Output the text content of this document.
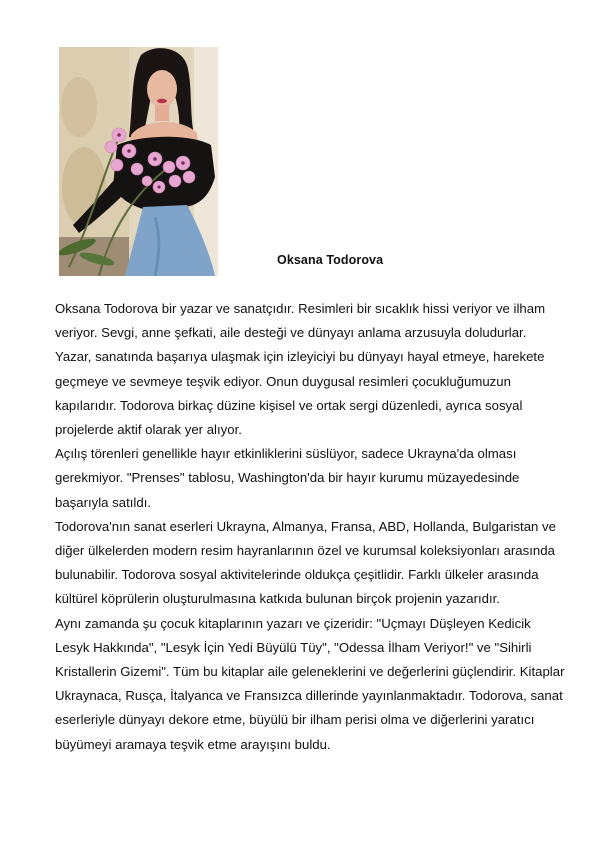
Oksana Todorova

Oksana Todorova bir yazar ve sanatçıdır. Resimleri bir sıcaklık hissi veriyor ve ilham veriyor. Sevgi, anne şefkati, aile desteği ve dünyayı anlama arzusuyla doludurlar. Yazar, sanatında başarıya ulaşmak için izleyiciyi bu dünyayı hayal etmeye, harekete geçmeye ve sevmeye teşvik ediyor. Onun duygusal resimleri çocukluğumuzun kapılarıdır. Todorova birkaç düzine kişisel ve ortak sergi düzenledi, ayrıca sosyal projelerde aktif olarak yer alıyor.

Açılış törenleri genellikle hayır etkinliklerini süslüyor, sadece Ukrayna'da olması gerekmiyor. "Prenses" tablosu, Washington'da bir hayır kurumu müzayedesinde başarıyla satıldı.

Todorova'nın sanat eserleri Ukrayna, Almanya, Fransa, ABD, Hollanda, Bulgaristan ve diğer ülkelerden modern resim hayranlarının özel ve kurumsal koleksiyonları arasında bulunabilir. Todorova sosyal aktivitelerinde oldukça çeşitlidir. Farklı ülkeler arasında kültürel köprülerin oluşturulmasına katkıda bulunan birçok projenin yazarıdır.

Aynı zamanda şu çocuk kitaplarının yazarı ve çizeridir: "Uçmayı Düşleyen Kedicik Lesyk Hakkında", "Lesyk İçin Yedi Büyülü Tüy", "Odessa İlham Veriyor!" ve "Sihirli Kristallerin Gizemi". Tüm bu kitaplar aile geleneklerini ve değerlerini güçlendirir. Kitaplar Ukraynaca, Rusça, İtalyanca ve Fransızca dillerinde yayınlanmaktadır. Todorova, sanat eserleriyle dünyayı dekore etme, büyülü bir ilham perisi olma ve diğerlerini yaratıcı büyümeyi aramaya teşvik etme arayışını buldu.
